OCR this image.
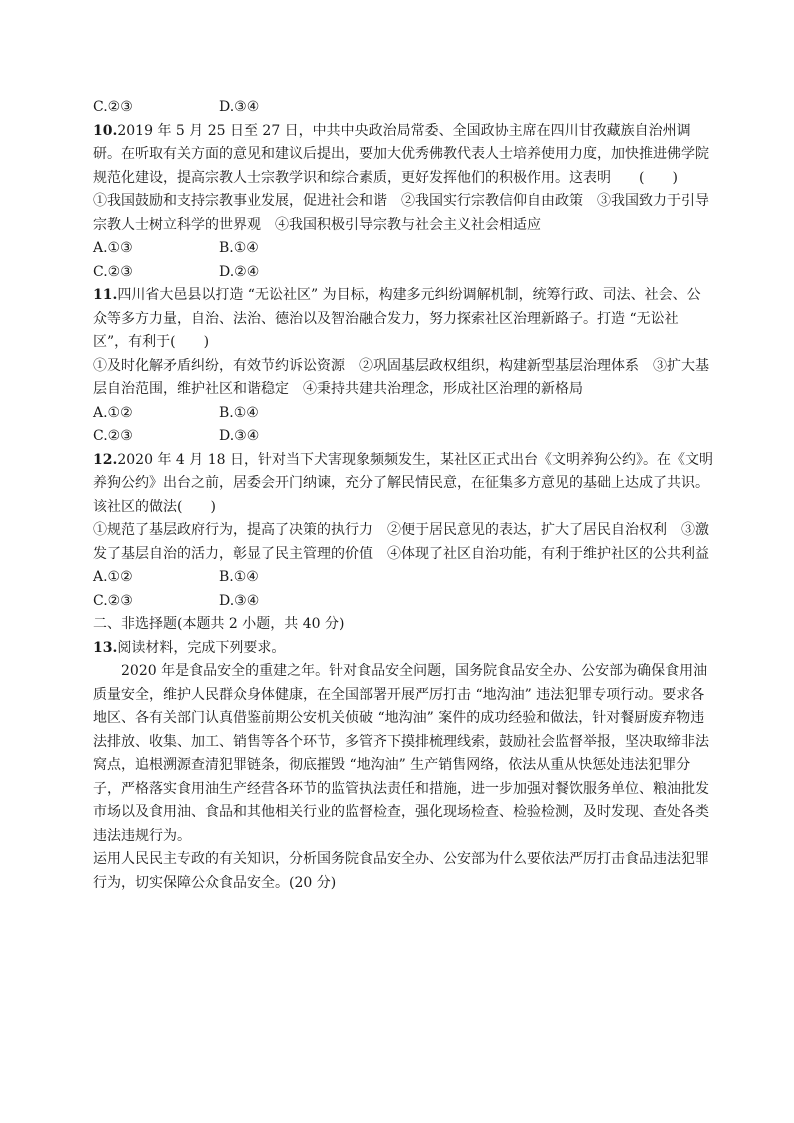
C.②③	D.③④
10.2019 年 5 月 25 日至 27 日，中共中央政治局常委、全国政协主席在四川甘孜藏族自治州调研。在听取有关方面的意见和建议后提出，要加大优秀佛教代表人士培养使用力度，加快推进佛学院规范化建设，提高宗教人士宗教学识和综合素质，更好发挥他们的积极作用。这表明　　(　　)
①我国鼓励和支持宗教事业发展，促进社会和谐　②我国实行宗教信仰自由政策　③我国致力于引导宗教人士树立科学的世界观　④我国积极引导宗教与社会主义社会相适应
A.①③	B.①④
C.②③	D.②④
11.四川省大邑县以打造 “无讼社区” 为目标，构建多元纠纷调解机制，统筹行政、司法、社会、公众等多方力量，自治、法治、德治以及智治融合发力，努力探索社区治理新路子。打造 “无讼社区”，有利于(　　)
①及时化解矛盾纠纷，有效节约诉讼资源　②巩固基层政权组织，构建新型基层治理体系　③扩大基层自治范围，维护社区和谐稳定　④秉持共建共治理念，形成社区治理的新格局
A.①②	B.①④
C.②③	D.③④
12.2020 年 4 月 18 日，针对当下犬害现象频频发生，某社区正式出台《文明养狗公约》。在《文明养狗公约》出台之前，居委会开门纳谏，充分了解民情民意，在征集多方意见的基础上达成了共识。该社区的做法(　　)
①规范了基层政府行为，提高了决策的执行力　②便于居民意见的表达，扩大了居民自治权利　③激发了基层自治的活力，彰显了民主管理的价值　④体现了社区自治功能，有利于维护社区的公共利益
A.①②	B.①④
C.②③	D.③④
二、非选择题(本题共 2 小题，共 40 分)
13.阅读材料，完成下列要求。
2020 年是食品安全的重建之年。针对食品安全问题，国务院食品安全办、公安部为确保食用油质量安全，维护人民群众身体健康，在全国部署开展严厉打击 “地沟油” 违法犯罪专项行动。要求各地区、各有关部门认真借鉴前期公安机关侦破 “地沟油” 案件的成功经验和做法，针对餐厨废弃物违法排放、收集、加工、销售等各个环节，多管齐下摸排梳理线索，鼓励社会监督举报，坚决取缔非法窝点，追根溯源查清犯罪链条，彻底摧毁 “地沟油” 生产销售网络，依法从重从快惩处违法犯罪分子，严格落实食用油生产经营各环节的监管执法责任和措施，进一步加强对餐饮服务单位、粮油批发市场以及食用油、食品和其他相关行业的监督检查，强化现场检查、检验检测，及时发现、查处各类违法违规行为。
运用人民民主专政的有关知识，分析国务院食品安全办、公安部为什么要依法严厉打击食品违法犯罪行为，切实保障公众食品安全。(20 分)
